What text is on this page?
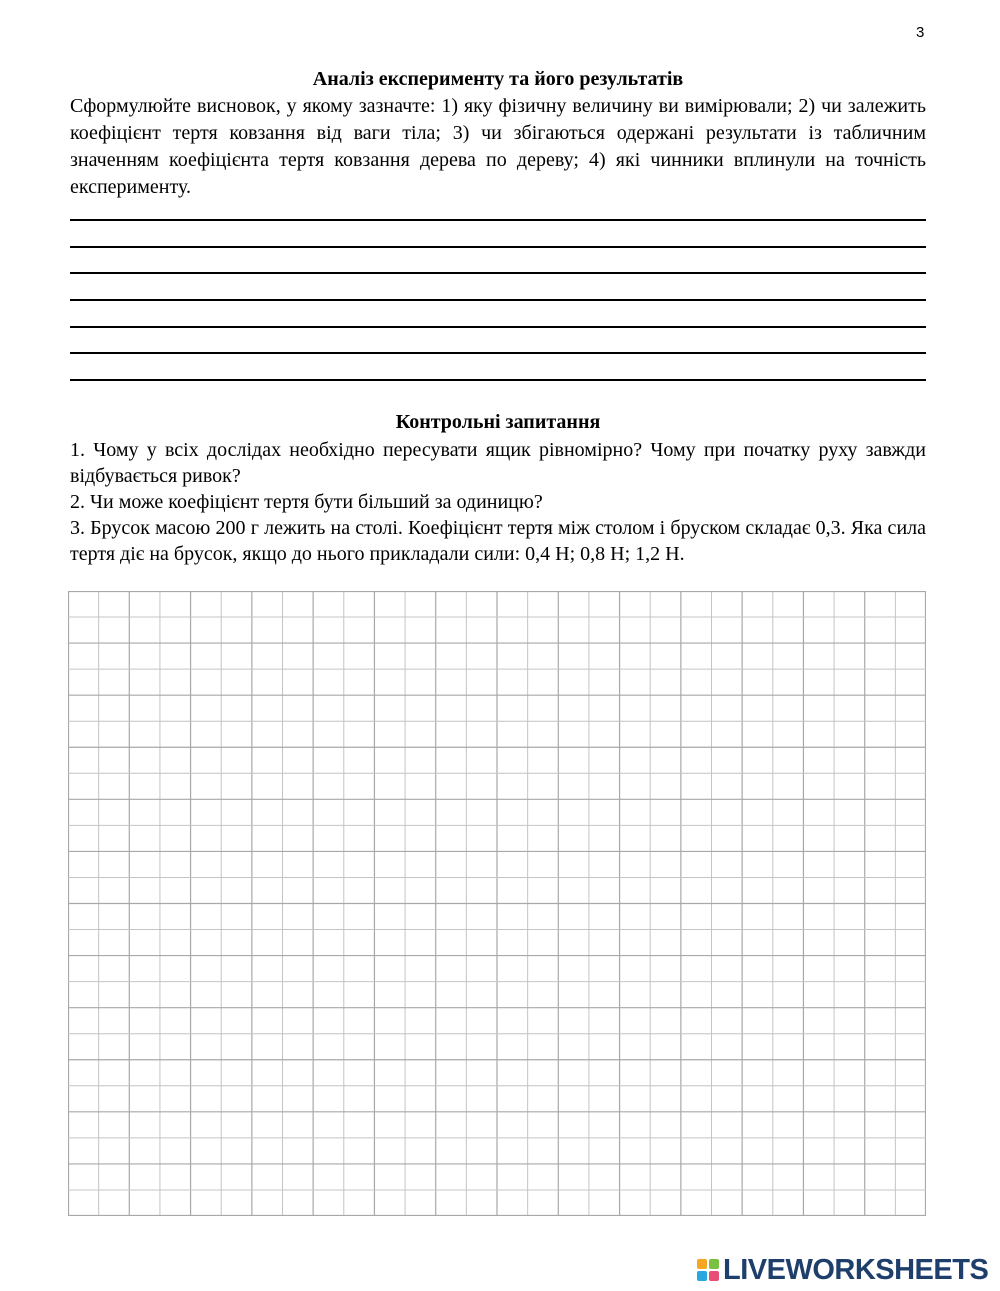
3

Аналіз експерименту та його результатів

Сформулюйте висновок, у якому зазначте: 1) яку фізичну величину ви вимірювали; 2) чи залежить коефіцієнт тертя ковзання від ваги тіла; 3) чи збігаються одержані результати із табличним значенням коефіцієнта тертя ковзання дерева по дереву; 4) які чинники вплинули на точність експерименту.

Контрольні запитання

1. Чому у всіх дослідах необхідно пересувати ящик рівномірно? Чому при початку руху завжди відбувається ривок?

2. Чи може коефіцієнт тертя бути більший за одиницю?

3. Брусок масою 200 г лежить на столі. Коефіцієнт тертя між столом і бруском складає 0,3. Яка сила тертя діє на брусок, якщо до нього прикладали сили: 0,4 Н; 0,8 Н; 1,2 Н.

LIVEWORKSHEETS
